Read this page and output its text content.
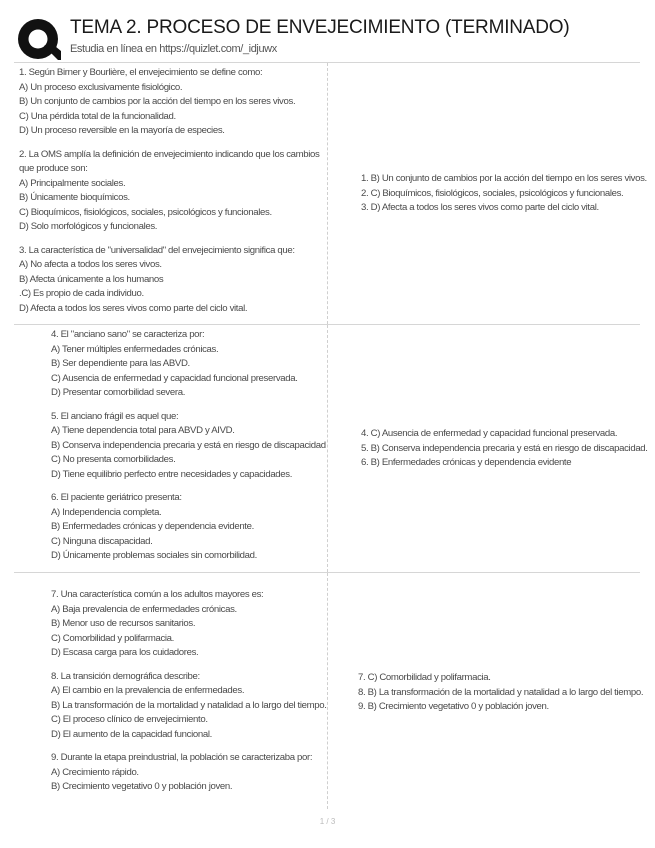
TEMA 2. PROCESO DE ENVEJECIMIENTO (TERMINADO)
Estudia en línea en https://quizlet.com/_idjuwx

1. Según Birner y Bourlière, el envejecimiento se define como:

A) Un proceso exclusivamente fisiológico.

B) Un conjunto de cambios por la acción del tiempo en los seres vivos.

C) Una pérdida total de la funcionalidad.

D) Un proceso reversible en la mayoría de especies.

2. La OMS amplía la definición de envejecimiento indicando que los cambios que produce son:

A) Principalmente sociales.

B) Únicamente bioquímicos.

C) Bioquímicos, fisiológicos, sociales, psicológicos y funcionales.

D) Solo morfológicos y funcionales.

3. La característica de "universalidad" del envejecimiento significa que:

A) No afecta a todos los seres vivos.

B) Afecta únicamente a los humanos

.C) Es propio de cada individuo.

D) Afecta a todos los seres vivos como parte del ciclo vital.

1. B) Un conjunto de cambios por la acción del tiempo en los seres vivos.

2. C) Bioquímicos, fisiológicos, sociales, psicológicos y funcionales.

3. D) Afecta a todos los seres vivos como parte del ciclo vital.

4. El "anciano sano" se caracteriza por:

A) Tener múltiples enfermedades crónicas.

B) Ser dependiente para las ABVD.

C) Ausencia de enfermedad y capacidad funcional preservada.

D) Presentar comorbilidad severa.

5. El anciano frágil es aquel que:

A) Tiene dependencia total para ABVD y AIVD.

B) Conserva independencia precaria y está en riesgo de discapacidad

C) No presenta comorbilidades.

D) Tiene equilibrio perfecto entre necesidades y capacidades.

6. El paciente geriátrico presenta:

A) Independencia completa.

B) Enfermedades crónicas y dependencia evidente.

C) Ninguna discapacidad.

D) Únicamente problemas sociales sin comorbilidad.

4. C) Ausencia de enfermedad y capacidad funcional preservada.

5. B) Conserva independencia precaria y está en riesgo de discapacidad.

6. B) Enfermedades crónicas y dependencia evidente

7. Una característica común a los adultos mayores es:

A) Baja prevalencia de enfermedades crónicas.

B) Menor uso de recursos sanitarios.

C) Comorbilidad y polifarmacia.

D) Escasa carga para los cuidadores.

8. La transición demográfica describe:

A) El cambio en la prevalencia de enfermedades.

B) La transformación de la mortalidad y natalidad a lo largo del tiempo.

C) El proceso clínico de envejecimiento.

D) El aumento de la capacidad funcional.

9. Durante la etapa preindustrial, la población se caracterizaba por:

A) Crecimiento rápido.

B) Crecimiento vegetativo 0 y población joven.

7. C) Comorbilidad y polifarmacia.

8. B) La transformación de la mortalidad y natalidad a lo largo del tiempo.

9. B) Crecimiento vegetativo 0 y población joven.

1 / 3
